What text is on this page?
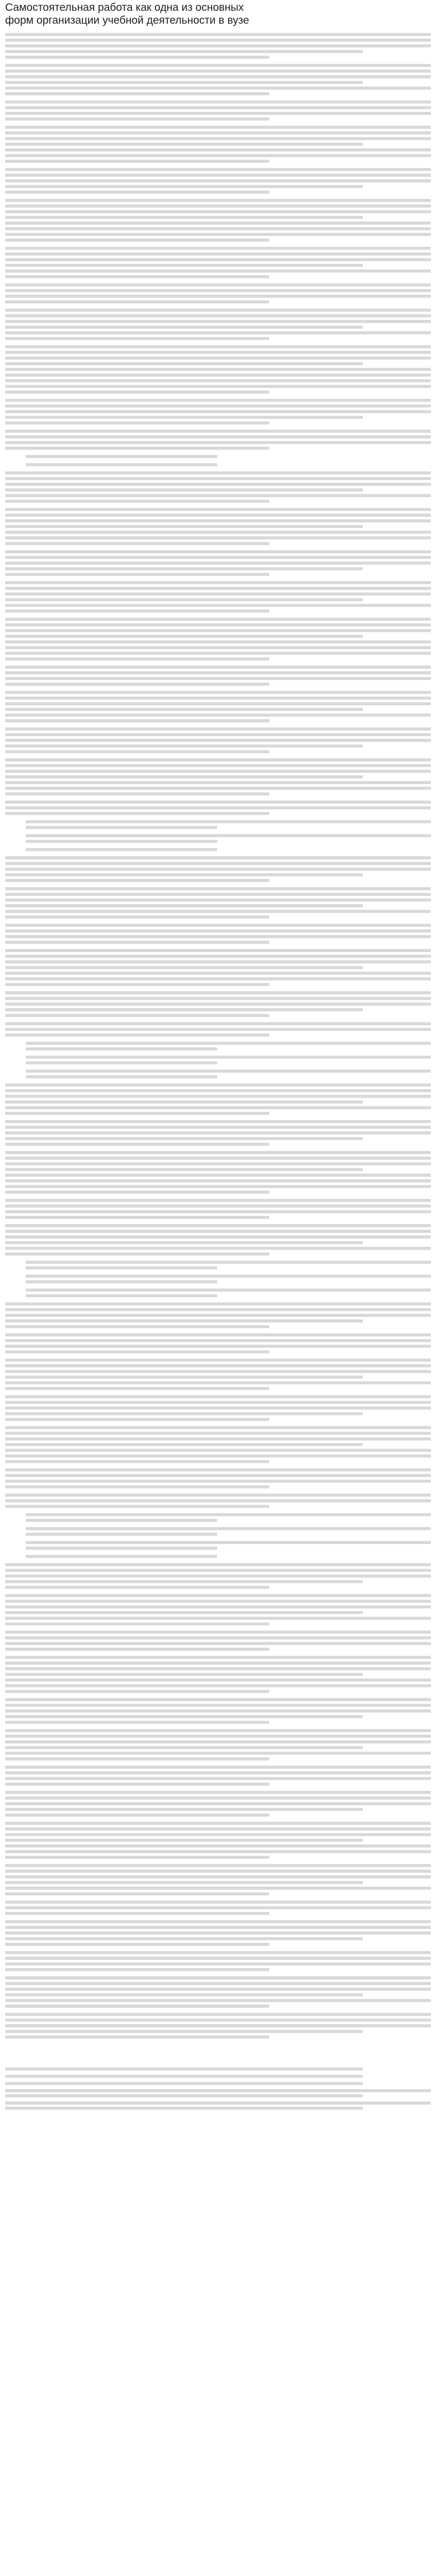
Самостоятельная работа как одна из основных форм организации учебной деятельности в вузе
